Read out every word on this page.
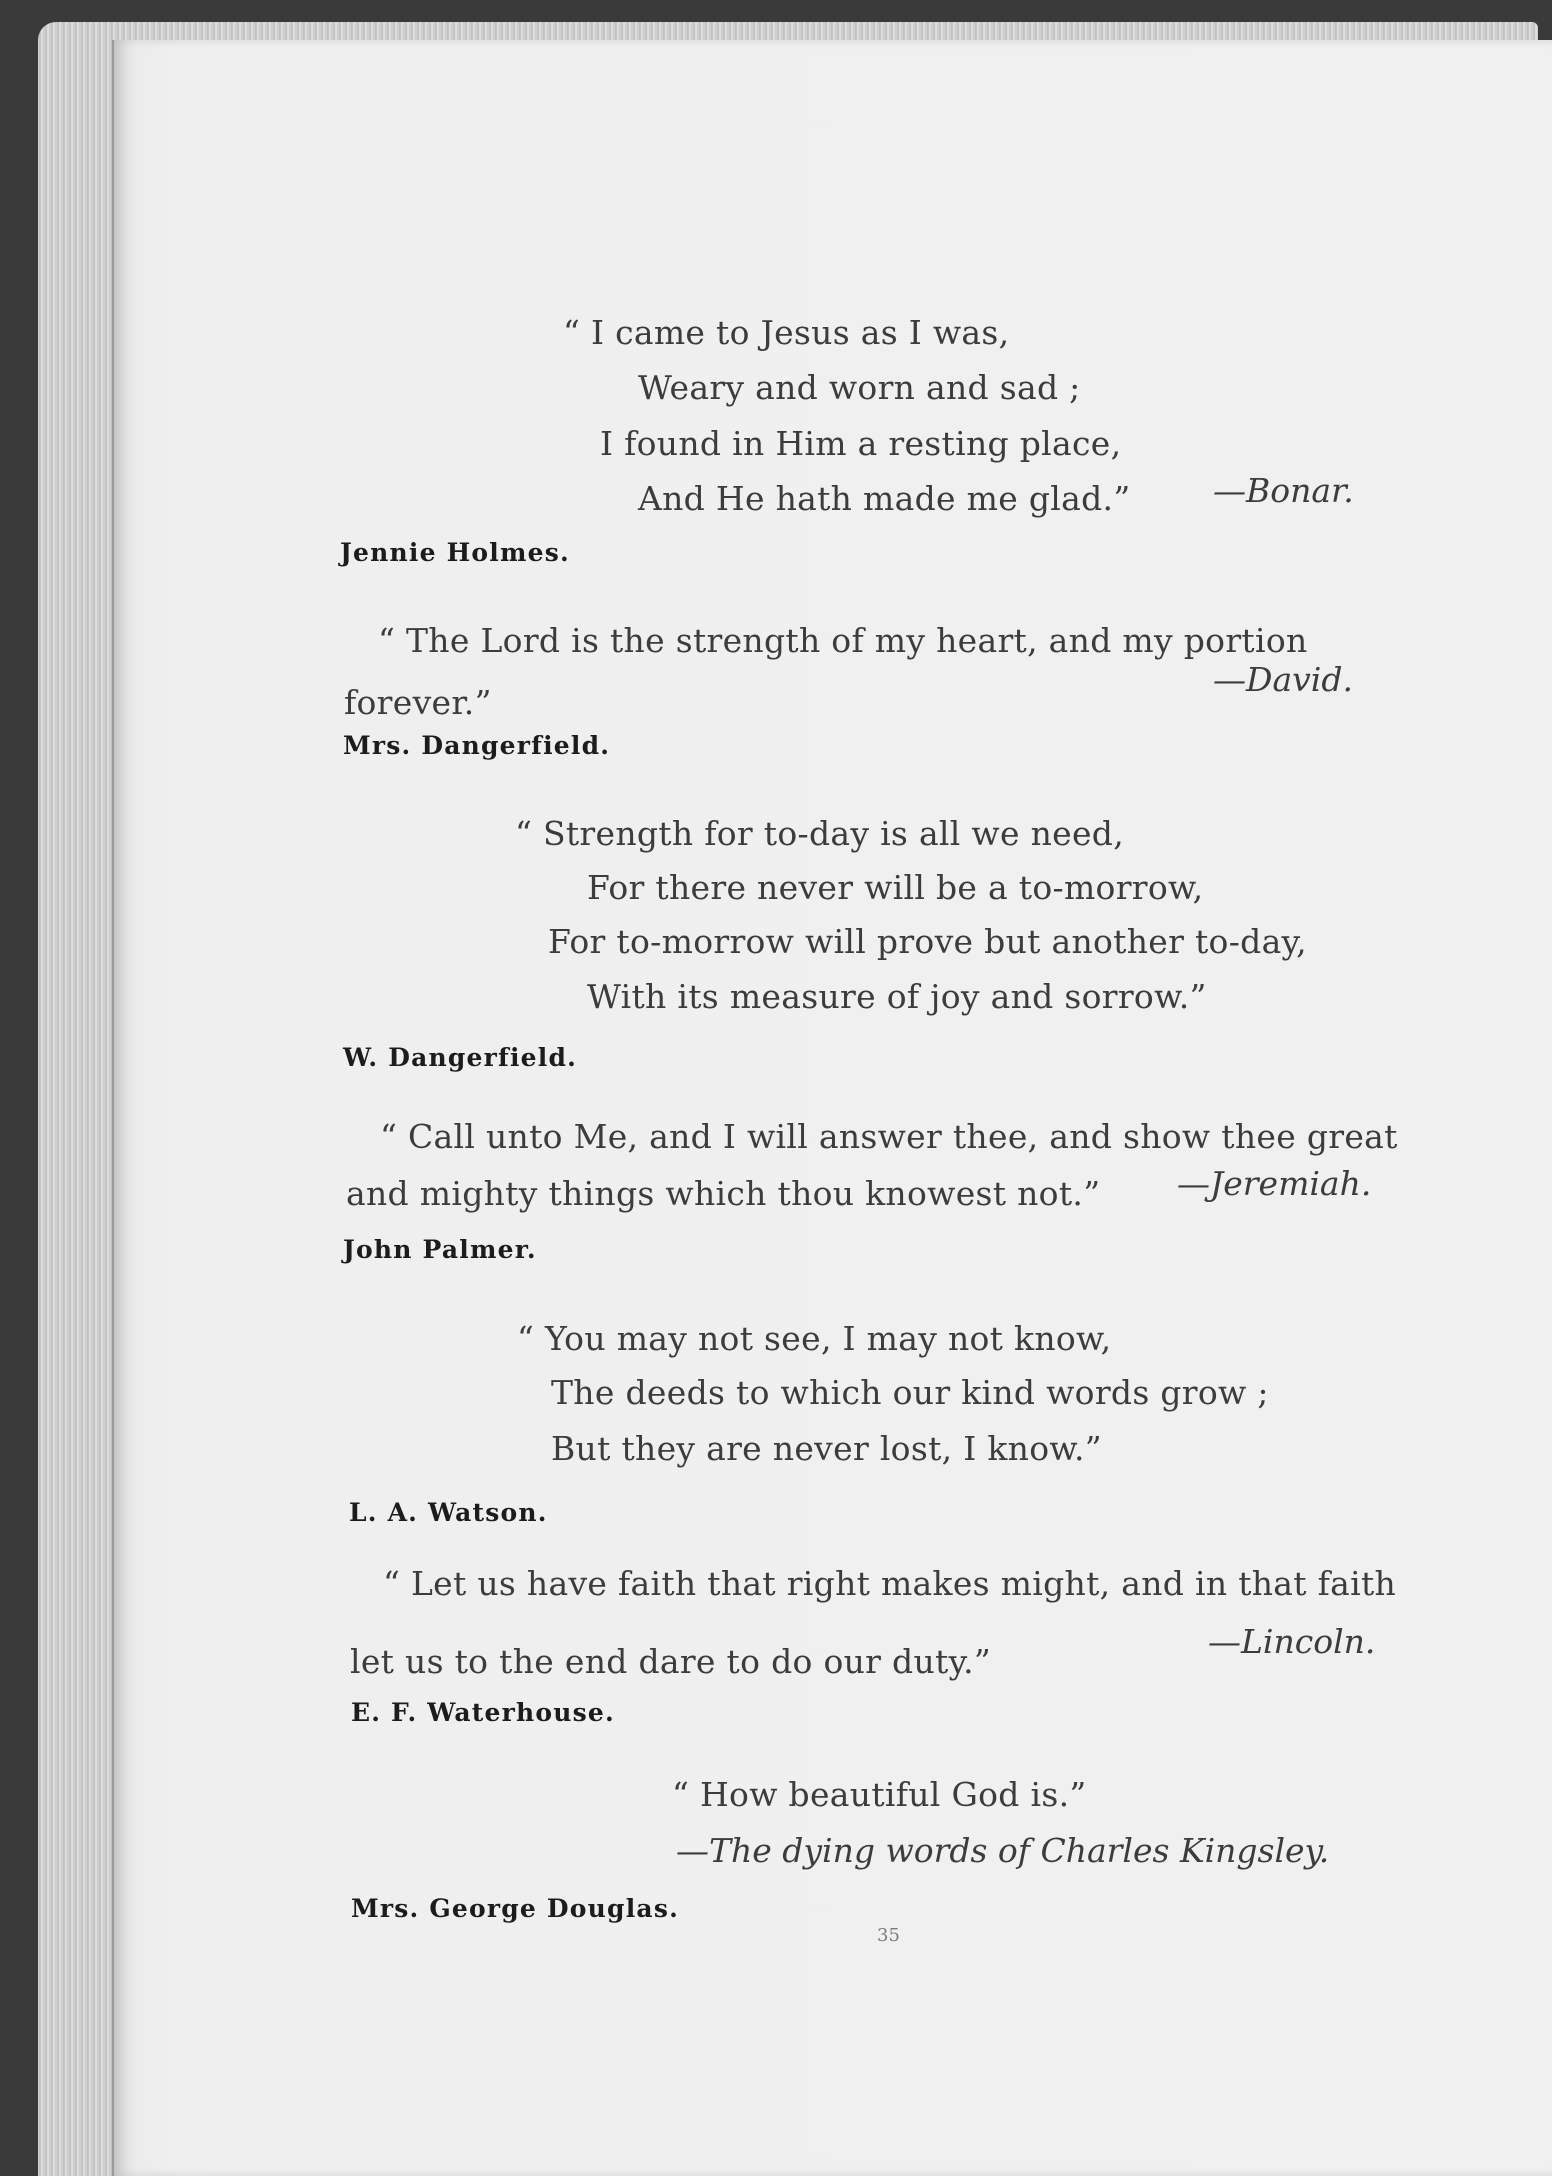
“ I came to Jesus as I was,
Weary and worn and sad ;
I found in Him a resting place,
And He hath made me glad.”	—Bonar.
Jennie Holmes.
“ The Lord is the strength of my heart, and my portion
forever.”
—David.
Mrs. Dangerfield.
“ Strength for to-day is all we need,
For there never will be a to-morrow,
For to-morrow will prove but another to-day,
With its measure of joy and sorrow.”
W. Dangerfield.
“ Call unto Me, and I will answer thee, and show thee great
and mighty things which thou knowest not.” —Jeremiah.
John Palmer.
“ You may not see, I may not know,
The deeds to which our kind words grow ;
But they are never lost, I know.”
L. A. Watson.
“ Let us have faith that right makes might, and in that faith
let us to the end dare to do our duty.”
—Lincoln.
E. F. Waterhouse.
“ How beautiful God is.”
—The dying words of Charles Kingsley.
Mrs. George Douglas.
35
